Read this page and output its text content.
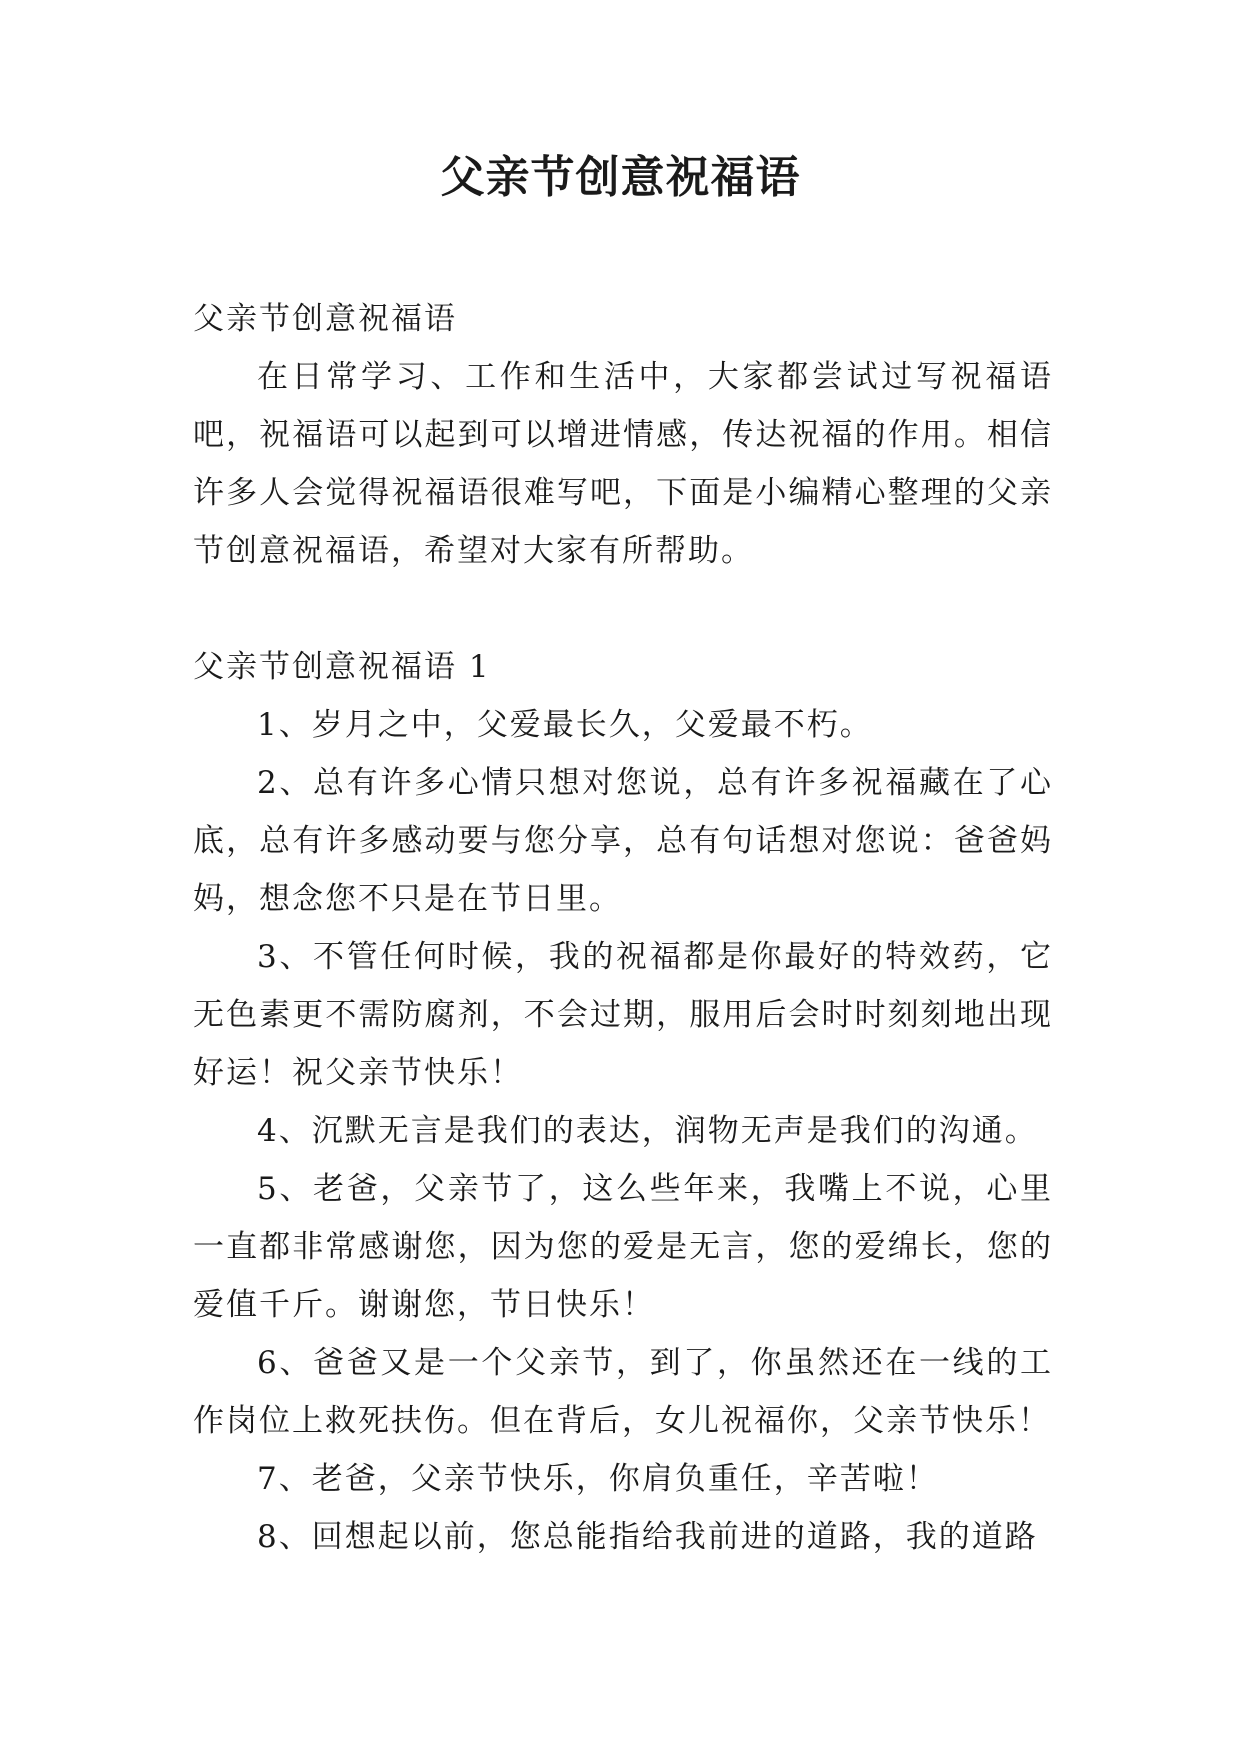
父亲节创意祝福语

父亲节创意祝福语

在日常学习、工作和生活中，大家都尝试过写祝福语吧，祝福语可以起到可以增进情感，传达祝福的作用。相信许多人会觉得祝福语很难写吧，下面是小编精心整理的父亲节创意祝福语，希望对大家有所帮助。

父亲节创意祝福语 1

1、岁月之中，父爱最长久，父爱最不朽。

2、总有许多心情只想对您说，总有许多祝福藏在了心底，总有许多感动要与您分享，总有句话想对您说：爸爸妈妈，想念您不只是在节日里。

3、不管任何时候，我的祝福都是你最好的特效药，它无色素更不需防腐剂，不会过期，服用后会时时刻刻地出现好运！祝父亲节快乐！

4、沉默无言是我们的表达，润物无声是我们的沟通。

5、老爸，父亲节了，这么些年来，我嘴上不说，心里一直都非常感谢您，因为您的爱是无言，您的爱绵长，您的爱值千斤。谢谢您，节日快乐！

6、爸爸又是一个父亲节，到了，你虽然还在一线的工作岗位上救死扶伤。但在背后，女儿祝福你，父亲节快乐！

7、老爸，父亲节快乐，你肩负重任，辛苦啦！

8、回想起以前，您总能指给我前进的道路，我的道路
